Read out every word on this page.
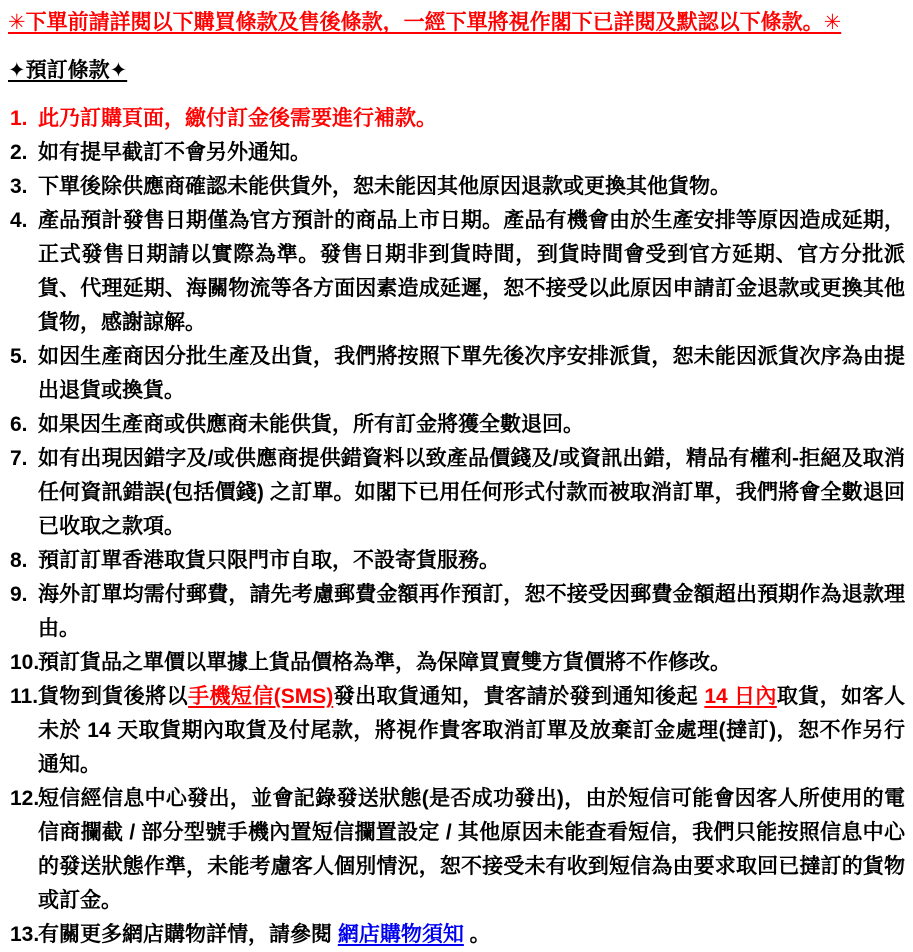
✳下單前請詳閱以下購買條款及售後條款，一經下單將視作閣下已詳閱及默認以下條款。✳
✦預訂條款✦
1. 此乃訂購頁面，繳付訂金後需要進行補款。
2. 如有提早截訂不會另外通知。
3. 下單後除供應商確認未能供貨外，恕未能因其他原因退款或更換其他貨物。
4. 產品預計發售日期僅為官方預計的商品上市日期。產品有機會由於生產安排等原因造成延期，正式發售日期請以實際為準。發售日期非到貨時間，到貨時間會受到官方延期、官方分批派貨、代理延期、海關物流等各方面因素造成延遲，恕不接受以此原因申請訂金退款或更換其他貨物，感謝諒解。
5. 如因生產商因分批生產及出貨，我們將按照下單先後次序安排派貨，恕未能因派貨次序為由提出退貨或換貨。
6. 如果因生產商或供應商未能供貨，所有訂金將獲全數退回。
7. 如有出現因錯字及/或供應商提供錯資料以致產品價錢及/或資訊出錯，精品有權利-拒絕及取消任何資訊錯誤(包括價錢) 之訂單。如閣下已用任何形式付款而被取消訂單，我們將會全數退回已收取之款項。
8. 預訂訂單香港取貨只限門市自取，不設寄貨服務。
9. 海外訂單均需付郵費，請先考慮郵費金額再作預訂，恕不接受因郵費金額超出預期作為退款理由。
10.
預訂貨品之單價以單據上貨品價格為準，為保障買賣雙方貨價將不作修改。
11. 貨物到貨後將以手機短信(SMS)發出取貨通知，貴客請於發到通知後起 14 日內取貨，如客人未於 14 天取貨期內取貨及付尾款，將視作貴客取消訂單及放棄訂金處理(撻訂)，恕不作另行通知。
12.
短信經信息中心發出，並會記錄發送狀態(是否成功發出)，由於短信可能會因客人所使用的電信商攔截 / 部分型號手機內置短信攔置設定 / 其他原因未能查看短信，我們只能按照信息中心的發送狀態作準，未能考慮客人個別情況，恕不接受未有收到短信為由要求取回已撻訂的貨物或訂金。
13.
有關更多網店購物詳情，請參閱 網店購物須知 。
